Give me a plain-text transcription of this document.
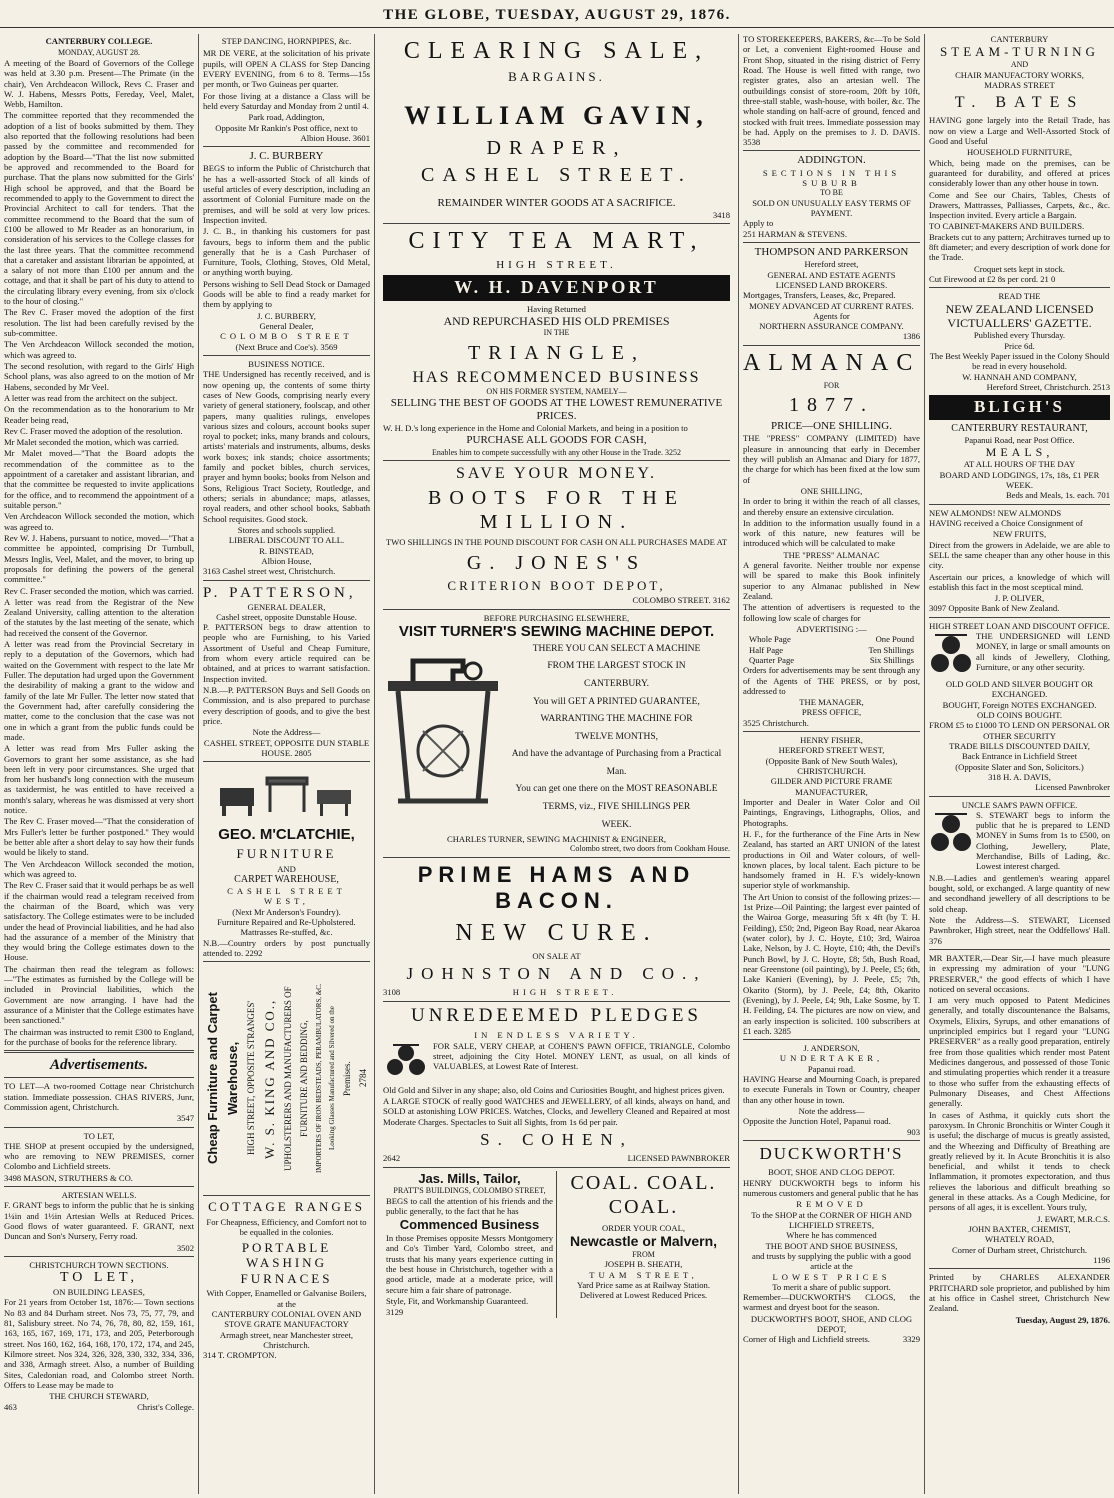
THE GLOBE, TUESDAY, AUGUST 29, 1876.
CANTERBURY COLLEGE.
MONDAY, AUGUST 28.

A meeting of the Board of Governors of the College was held at 3.30 p.m. Present—The Primate (in the chair), Ven Archdeacon Willock, Revs C. Fraser and W. J. Habens, Messrs Potts, Fereday, Veel, Malet, Webb, Hamilton.

The committee reported that they recommended the adoption of a list of books submitted by them. They also reported that the following resolutions had been passed by the committee and recommended for adoption by the Board—"That the list now submitted be approved and recommended to the Board for purchase. That the plans now submitted for the Girls' High school be approved, and that the Board be recommended to apply to the Government to direct the Provincial Architect to call for tenders. That the committee recommend to the Board that the sum of £100 be allowed to Mr Reader as an honorarium, in consideration of his services to the College classes for the last three years. That the committee recommend that a caretaker and assistant librarian be appointed, at a salary of not more than £100 per annum and the cottage, and that it shall be part of his duty to attend to the circulating library every evening, from six o'clock to the hour of closing."

The Rev C. Fraser moved the adoption of the first resolution. The list had been carefully revised by the sub-committee.

The Ven Archdeacon Willock seconded the motion, which was agreed to.

The second resolution, with regard to the Girls' High School plans, was also agreed to on the motion of Mr Habens, seconded by Mr Veel.

A letter was read from the architect on the subject.

On the recommendation as to the honorarium to Mr Reader being read,

Rev C. Fraser moved the adoption of the resolution.

Mr Malet seconded the motion, which was carried.

Mr Malet moved—"That the Board adopts the recommendation of the committee as to the appointment of a caretaker and assistant librarian, and that the committee be requested to invite applications for the office, and to recommend the appointment of a suitable person."

Ven Archdeacon Willock seconded the motion, which was agreed to.

Rev W. J. Habens, pursuant to notice, moved—"That a committee be appointed, comprising Dr Turnbull, Messrs Inglis, Veel, Malet, and the mover, to bring up proposals for defining the powers of the general committee."

Rev C. Fraser seconded the motion, which was carried.

A letter was read from the Registrar of the New Zealand University, calling attention to the alteration of the statutes by the last meeting of the senate, which had received the consent of the Governor.

A letter was read from the Provincial Secretary in reply to a deputation of the Governors, which had waited on the Government with respect to the late Mr Fuller. The deputation had urged upon the Government the desirability of making a grant to the widow and family of the late Mr Fuller. The letter now stated that the Government had, after carefully considering the matter, come to the conclusion that the case was not one in which a grant from the public funds could be made.

A letter was read from Mrs Fuller asking the Governors to grant her some assistance, as she had been left in very poor circumstances. She urged that from her husband's long connection with the museum as taxidermist, he was entitled to have received a month's salary, whereas he was dismissed at very short notice.

The Rev C. Fraser moved—"That the consideration of Mrs Fuller's letter be further postponed." They would be better able after a short delay to say how their funds would be likely to stand.

The Ven Archdeacon Willock seconded the motion, which was agreed to.

The Rev C. Fraser said that it would perhaps be as well if the chairman would read a telegram received from the chairman of the Board, which was very satisfactory. The College estimates were to be included under the head of Provincial liabilities, and he had also had the assurance of a member of the Ministry that they would bring the College estimates down to the House.

The chairman then read the telegram as follows:—"The estimates as furnished by the College will be included in Provincial liabilities, which the Government are now arranging. I have had the assurance of a Minister that the College estimates have been sanctioned."

The chairman was instructed to remit £300 to England, for the purchase of books for the reference library.

Advertisements.

TO LET—A two-roomed Cottage near Christchurch station. Immediate possession. CHAS RIVERS, Junr, Commission agent, Christchurch.

3547
TO LET,

THE SHOP at present occupied by the undersigned, who are removing to NEW PREMISES, corner Colombo and Lichfield streets.

3498 MASON, STRUTHERS & CO.
ARTESIAN WELLS.

F. GRANT begs to inform the public that he is sinking 1¼in and 1½in Artesian Wells at Reduced Prices. Good flows of water guaranteed. F. GRANT, next Duncan and Son's Nursery, Ferry road.

3502
CHRISTCHURCH TOWN SECTIONS.
TO LET,
ON BUILDING LEASES,

For 21 years from October 1st, 1876:— Town sections No 83 and 84 Durham street. Nos 73, 75, 77, 79, and 81, Salisbury street. No 74, 76, 78, 80, 82, 159, 161, 163, 165, 167, 169, 171, 173, and 205, Peterborough street. Nos 160, 162, 164, 168, 170, 172, 174, and 245, Kilmore street. Nos 324, 326, 328, 330, 332, 334, 336, and 338, Armagh street. Also, a number of Building Sites, Caledonian road, and Colombo street North. Offers to Lease may be made to

THE CHURCH STEWARD,
463	Christ's College.
STEP DANCING, HORNPIPES, &c.

MR DE VERE, at the solicitation of his private pupils, will OPEN A CLASS for Step Dancing EVERY EVENING, from 6 to 8. Terms—15s per month, or Two Guineas per quarter.

For those living at a distance a Class will be held every Saturday and Monday from 2 until 4.

Park road, Addington,
Opposite Mr Rankin's Post office, next to
Albion House. 3601
J. C. BURBERY

BEGS to inform the Public of Christchurch that he has a well-assorted Stock of all kinds of useful articles of every description, including an assortment of Colonial Furniture made on the premises, and will be sold at very low prices. Inspection invited.

J. C. B., in thanking his customers for past favours, begs to inform them and the public generally that he is a Cash Purchaser of Furniture, Tools, Clothing, Stoves, Old Metal, or anything worth buying.

Persons wishing to Sell Dead Stock or Damaged Goods will be able to find a ready market for them by applying to

J. C. BURBERY,
General Dealer,
COLOMBO STREET
(Next Bruce and Coe's). 3569
BUSINESS NOTICE.

THE Undersigned has recently received, and is now opening up, the contents of some thirty cases of New Goods, comprising nearly every variety of general stationery, foolscap, and other papers, many qualities rulings, envelopes various sizes and colours, account books super royal to pocket; inks, many brands and colours, artists' materials and instruments, albums, desks work boxes; ink stands; choice assortments; family and pocket bibles, church services, prayer and hymn books; books from Nelson and Sons, Religious Tract Society, Routledge, and others; serials in abundance; maps, atlasses, royal readers, and other school books, Sabbath School requisites. Good stock.

Stores and schools supplied.
LIBERAL DISCOUNT TO ALL.
R. BINSTEAD,
Albion House,
3163 Cashel street west, Christchurch.
P. PATTERSON,
GENERAL DEALER,
Cashel street, opposite Dunstable House.

P. PATTERSON begs to draw attention to people who are Furnishing, to his Varied Assortment of Useful and Cheap Furniture, from whom every article required can be obtained, and at prices to warrant satisfaction. Inspection invited.

N.B.—P. PATTERSON Buys and Sell Goods on Commission, and is also prepared to purchase every description of goods, and to give the best price.

Note the Address—
CASHEL STREET, OPPOSITE DUN STABLE HOUSE. 2805
GEO. M'CLATCHIE,
FURNITURE
AND
CARPET WAREHOUSE,
CASHEL STREET WEST,
(Next Mr Anderson's Foundry).
Furniture Repaired and Re-Upholstered. Mattrasses Re-stuffed, &c.

N.B.—Country orders by post punctually attended to. 2292

Cheap Furniture and Carpet Warehouse, HIGH STREET, OPPOSITE STRANGES' W. S. KING AND CO., UPHOLSTERERS AND MANUFACTURERS OF FURNITURE AND BEDDING, IMPORTERS OF IRON BEDSTEADS, PERAMBULATORS, &C. Looking Glasses Manufactured and Silvered on the Premises. 2784
COTTAGE RANGES
For Cheapness, Efficiency, and Comfort not to be equalled in the colonies.
PORTABLE WASHING FURNACES
With Copper, Enamelled or Galvanise Boilers, at the
CANTERBURY COLONIAL OVEN AND STOVE GRATE MANUFACTORY
Armagh street, near Manchester street, Christchurch.
314 T. CROMPTON.
CLEARING SALE,
BARGAINS.
WILLIAM GAVIN,
DRAPER,
CASHEL STREET.
REMAINDER WINTER GOODS AT A SACRIFICE.
3418
CITY TEA MART,
HIGH STREET.
W. H. DAVENPORT
Having Returned
AND REPURCHASED HIS OLD PREMISES
IN THE
TRIANGLE,
HAS RECOMMENCED BUSINESS
ON HIS FORMER SYSTEM, NAMELY—
SELLING THE BEST OF GOODS AT THE LOWEST REMUNERATIVE PRICES.

W. H. D.'s long experience in the Home and Colonial Markets, and being in a position to

PURCHASE ALL GOODS FOR CASH,
Enables him to compete successfully with any other House in the Trade. 3252
SAVE YOUR MONEY.
BOOTS FOR THE MILLION.
TWO SHILLINGS IN THE POUND DISCOUNT FOR CASH ON ALL PURCHASES MADE AT
G. JONES'S
CRITERION BOOT DEPOT,
COLOMBO STREET. 3162
BEFORE PURCHASING ELSEWHERE,
VISIT TURNER'S SEWING MACHINE DEPOT.
THERE YOU CAN SELECT A MACHINE
FROM THE LARGEST STOCK IN
CANTERBURY.
You will GET A PRINTED GUARANTEE,
WARRANTING THE MACHINE FOR
TWELVE MONTHS,
And have the advantage of Purchasing from a Practical Man.
You can get one there on the MOST REASONABLE
TERMS, viz., FIVE SHILLINGS PER
WEEK.
CHARLES TURNER, SEWING MACHINIST & ENGINEER,
Colombo street, two doors from Cookham House.
PRIME HAMS AND BACON.
NEW CURE.
ON SALE AT
JOHNSTON AND CO.,
3108	HIGH STREET.
UNREDEEMED PLEDGES
IN ENDLESS VARIETY.

FOR SALE, VERY CHEAP, at COHEN'S PAWN OFFICE, TRIANGLE, Colombo street, adjoining the City Hotel. MONEY LENT, as usual, on all kinds of VALUABLES, at Lowest Rate of Interest.

Old Gold and Silver in any shape; also, old Coins and Curiosities Bought, and highest prices given.

A LARGE STOCK of really good WATCHES and JEWELLERY, of all kinds, always on hand, and SOLD at astonishing LOW PRICES. Watches, Clocks, and Jewellery Cleaned and Repaired at most Moderate Charges. Spectacles to Suit all Sights, from 1s 6d per pair.

S. COHEN,
2642	LICENSED PAWNBROKER
Jas. Mills, Tailor,
PRATT'S BUILDINGS, COLOMBO STREET,

BEGS to call the attention of his friends and the public generally, to the fact that he has

Commenced Business

In those Premises opposite Messrs Montgomery and Co's Timber Yard, Colombo street, and trusts that his many years experience cutting in the best house in Christchurch, together with a good article, made at a moderate price, will secure him a fair share of patronage.

Style, Fit, and Workmanship Guaranteed.

3129
COAL. COAL.
COAL.
ORDER YOUR COAL,
Newcastle or Malvern,
FROM
JOSEPH B. SHEATH,
TUAM STREET,
Yard Price same as at Railway Station.
Delivered at Lowest Reduced Prices.

TO STOREKEEPERS, BAKERS, &c—To be Sold or Let, a convenient Eight-roomed House and Front Shop, situated in the rising district of Ferry Road. The House is well fitted with range, two register grates, also an artesian well. The outbuildings consist of store-room, 20ft by 10ft, three-stall stable, wash-house, with boiler, &c. The whole standing on half-acre of ground, fenced and stocked with fruit trees. Immediate possession may be had. Apply on the premises to J. D. DAVIS. 3538

ADDINGTON.
SECTIONS IN THIS SUBURB
TO BE
SOLD ON UNUSUALLY EASY TERMS OF PAYMENT.
Apply to
251 HARMAN & STEVENS.
THOMPSON AND PARKERSON
Hereford street,
GENERAL AND ESTATE AGENTS
LICENSED LAND BROKERS.
Mortgages, Transfers, Leases, &c, Prepared.
MONEY ADVANCED AT CURRENT RATES.
Agents for
NORTHERN ASSURANCE COMPANY.
1386
ALMANAC
FOR
1877.
PRICE—ONE SHILLING.

THE "PRESS" COMPANY (LIMITED) have pleasure in announcing that early in December they will publish an Almanac and Diary for 1877, the charge for which has been fixed at the low sum of

ONE SHILLING,

In order to bring it within the reach of all classes, and thereby ensure an extensive circulation.

In addition to the information usually found in a work of this nature, new features will be introduced which will be calculated to make

THE "PRESS" ALMANAC

A general favorite. Neither trouble nor expense will be spared to make this Book infinitely superior to any Almanac published in New Zealand.

The attention of advertisers is requested to the following low scale of charges for

ADVERTISING :—
Whole Page	One Pound
Half Page	Ten Shillings
Quarter Page	Six Shillings

Orders for advertisements may be sent through any of the Agents of THE PRESS, or by post, addressed to

THE MANAGER,
PRESS OFFICE,
3525 Christchurch.
HENRY FISHER,
HEREFORD STREET WEST,
(Opposite Bank of New South Wales),
CHRISTCHURCH.
GILDER AND PICTURE FRAME MANUFACTURER,

Importer and Dealer in Water Color and Oil Paintings, Engravings, Lithographs, Olios, and Photographs.

H. F., for the furtherance of the Fine Arts in New Zealand, has started an ART UNION of the latest productions in Oil and Water colours, of well-known places, by local talent. Each picture to be handsomely framed in H. F.'s widely-known superior style of workmanship.

The Art Union to consist of the following prizes:—1st Prize—Oil Painting; the largest ever painted of the Wairoa Gorge, measuring 5ft x 4ft (by T. H. Feilding), £50; 2nd, Pigeon Bay Road, near Akaroa (water color), by J. C. Hoyte, £10; 3rd, Wairoa Lake, Nelson, by J. C. Hoyte, £10; 4th, the Devil's Punch Bowl, by J. C. Hoyte, £8; 5th, Bush Road, near Greenstone (oil painting), by J. Peele, £5; 6th, Lake Kanieri (Evening), by J. Peele, £5; 7th, Okarito (Storm), by J. Peele, £4; 8th, Okarito (Evening), by J. Peele, £4; 9th, Lake Sosme, by T. H. Feilding, £4. The pictures are now on view, and an early inspection is solicited. 100 subscribers at £1 each. 3285

J. ANDERSON,
UNDERTAKER,
Papanui road.

HAVING Hearse and Mourning Coach, is prepared to execute Funerals in Town or Country, cheaper than any other house in town.

Note the address—
Opposite the Junction Hotel, Papanui road.
903
DUCKWORTH'S
BOOT, SHOE AND CLOG DEPOT.

HENRY DUCKWORTH begs to inform his numerous customers and general public that he has

REMOVED
To the SHOP at the CORNER OF HIGH AND LICHFIELD STREETS,
Where he has commenced
THE BOOT AND SHOE BUSINESS,
and trusts by supplying the public with a good article at the
LOWEST PRICES
To merit a share of public support.

Remember—DUCKWORTH'S CLOGS, the warmest and dryest boot for the season.

DUCKWORTH'S BOOT, SHOE, AND CLOG DEPOT,
Corner of High and Lichfield streets.	3329
CANTERBURY
STEAM-TURNING
AND
CHAIR MANUFACTORY WORKS,
MADRAS STREET
T. BATES

HAVING gone largely into the Retail Trade, has now on view a Large and Well-Assorted Stock of Good and Useful

HOUSEHOLD FURNITURE,

Which, being made on the premises, can be guaranteed for durability, and offered at prices considerably lower than any other house in town.

Come and See our Chairs, Tables, Chests of Drawers, Mattrasses, Palliasses, Carpets, &c., &c. Inspection invited. Every article a Bargain.

TO CABINET-MAKERS AND BUILDERS.

Brackets cut to any pattern; Architraves turned up to 8ft diameter; and every description of work done for the Trade.

Croquet sets kept in stock.
Cut Firewood at £2 8s per cord. 21 0
READ THE
NEW ZEALAND LICENSED VICTUALLERS' GAZETTE.
Published every Thursday.
Price 6d.
The Best Weekly Paper issued in the Colony Should be read in every household.
W. HANNAH AND COMPANY,
Hereford Street, Christchurch. 2513
BLIGH'S
CANTERBURY RESTAURANT,
Papanui Road, near Post Office.
MEALS,
AT ALL HOURS OF THE DAY
BOARD AND LODGINGS, 17s, 18s, £1 PER WEEK.
Beds and Meals, 1s. each. 701
NEW ALMONDS! NEW ALMONDS

HAVING received a Choice Consignment of

NEW FRUITS,

Direct from the growers in Adelaide, we are able to SELL the same cheaper than any other house in this city.

Ascertain our prices, a knowledge of which will establish this fact in the most sceptical mind.

J. P. OLIVER,
3097 Opposite Bank of New Zealand.
HIGH STREET LOAN AND DISCOUNT OFFICE.

THE UNDERSIGNED will LEND MONEY, in large or small amounts on all kinds of Jewellery, Clothing, Furniture, or any other security.

OLD GOLD AND SILVER BOUGHT OR EXCHANGED.
BOUGHT, Foreign NOTES EXCHANGED.
OLD COINS BOUGHT.
FROM £5 to £1000 TO LEND ON PERSONAL OR OTHER SECURITY
TRADE BILLS DISCOUNTED DAILY,
Back Entrance in Lichfield Street
(Opposite Slater and Son, Solicitors.)
318 H. A. DAVIS,
Licensed Pawnbroker
UNCLE SAM'S PAWN OFFICE.

S. STEWART begs to inform the public that he is prepared to LEND MONEY in Sums from 1s to £500, on Clothing, Jewellery, Plate, Merchandise, Bills of Lading, &c. Lowest interest charged.

N.B.—Ladies and gentlemen's wearing apparel bought, sold, or exchanged. A large quantity of new and secondhand jewellery of all descriptions to be sold cheap.

Note the Address—S. STEWART, Licensed Pawnbroker, High street, near the Oddfellows' Hall. 376

MR BAXTER,—Dear Sir,—I have much pleasure in expressing my admiration of your "LUNG PRESERVER," the good effects of which I have noticed on several occasions.

I am very much opposed to Patent Medicines generally, and totally discountenance the Balsams, Oxymels, Elixirs, Syrups, and other emanations of unprincipled empirics but I regard your "LUNG PRESERVER" as a really good preparation, entirely free from those qualities which render most Patent Medicines dangerous, and possessed of those Tonic and stimulating properties which render it a treasure to those who suffer from the exhausting effects of Pulmonary Diseases, and Chest Affections generally.

In cases of Asthma, it quickly cuts short the paroxysm. In Chronic Bronchitis or Winter Cough it is useful; the discharge of mucus is greatly assisted, and the Wheezing and Difficulty of Breathing are greatly relieved by it. In Acute Bronchitis it is also beneficial, and whilst it tends to check Inflammation, it promotes expectoration, and thus relieves the laborious and difficult breathing so general in these attacks. As a Cough Medicine, for persons of all ages, it is excellent. Yours truly,

J. EWART, M.R.C.S.
JOHN BAXTER, CHEMIST,
WHATELY ROAD,
Corner of Durham street, Christchurch.
1196

Printed by CHARLES ALEXANDER PRITCHARD sole proprietor, and published by him at his office in Cashel street, Christchurch New Zealand.

Tuesday, August 29, 1876.
